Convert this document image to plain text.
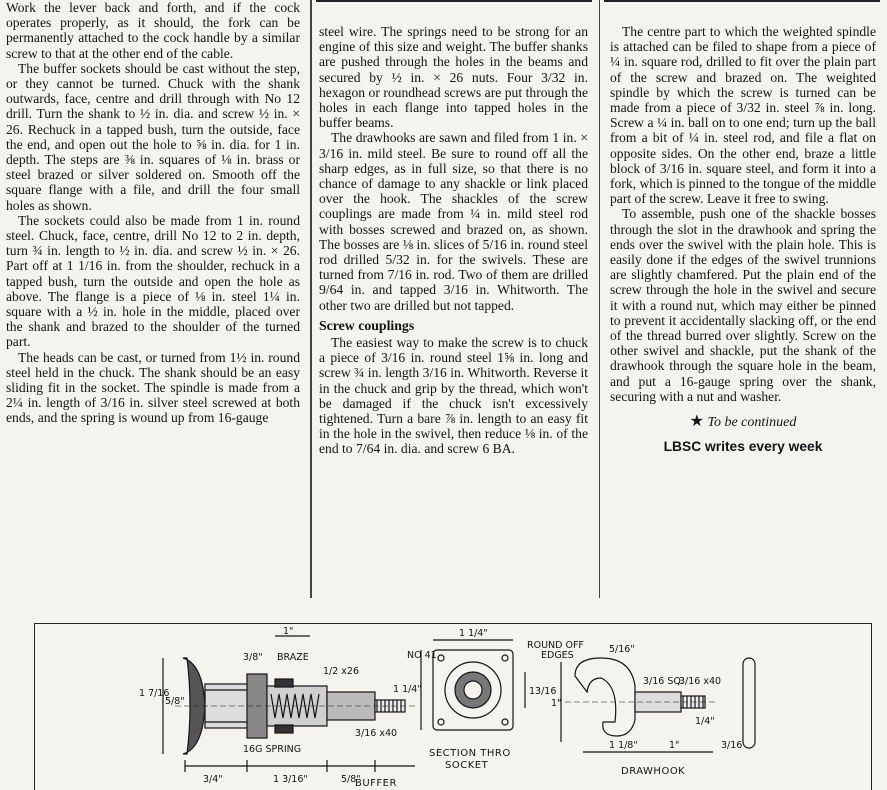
Work the lever back and forth, and if the cock operates properly, as it should, the fork can be permanently attached to the cock handle by a similar screw to that at the other end of the cable.

The buffer sockets should be cast without the step, or they cannot be turned. Chuck with the shank outwards, face, centre and drill through with No 12 drill. Turn the shank to ½ in. dia. and screw ½ in. × 26. Rechuck in a tapped bush, turn the outside, face the end, and open out the hole to ⅝ in. dia. for 1 in. depth. The steps are ⅜ in. squares of ⅛ in. brass or steel brazed or silver soldered on. Smooth off the square flange with a file, and drill the four small holes as shown.

The sockets could also be made from 1 in. round steel. Chuck, face, centre, drill No 12 to 2 in. depth, turn ¾ in. length to ½ in. dia. and screw ½ in. × 26. Part off at 1 1/16 in. from the shoulder, rechuck in a tapped bush, turn the outside and open the hole as above. The flange is a piece of ⅛ in. steel 1¼ in. square with a ½ in. hole in the middle, placed over the shank and brazed to the shoulder of the turned part.

The heads can be cast, or turned from 1½ in. round steel held in the chuck. The shank should be an easy sliding fit in the socket. The spindle is made from a 2¼ in. length of 3/16 in. silver steel screwed at both ends, and the spring is wound up from 16-gauge

steel wire. The springs need to be strong for an engine of this size and weight. The buffer shanks are pushed through the holes in the beams and secured by ½ in. × 26 nuts. Four 3/32 in. hexagon or roundhead screws are put through the holes in each flange into tapped holes in the buffer beams.

The drawhooks are sawn and filed from 1 in. × 3/16 in. mild steel. Be sure to round off all the sharp edges, as in full size, so that there is no chance of damage to any shackle or link placed over the hook. The shackles of the screw couplings are made from ¼ in. mild steel rod with bosses screwed and brazed on, as shown. The bosses are ⅛ in. slices of 5/16 in. round steel rod drilled 5/32 in. for the swivels. These are turned from 7/16 in. rod. Two of them are drilled 9/64 in. and tapped 3/16 in. Whitworth. The other two are drilled but not tapped.

Screw couplings

The easiest way to make the screw is to chuck a piece of 3/16 in. round steel 1⅝ in. long and screw ¾ in. length 3/16 in. Whitworth. Reverse it in the chuck and grip by the thread, which won't be damaged if the chuck isn't excessively tightened. Turn a bare ⅞ in. length to an easy fit in the hole in the swivel, then reduce ⅛ in. of the end to 7/64 in. dia. and screw 6 BA.

The centre part to which the weighted spindle is attached can be filed to shape from a piece of ¼ in. square rod, drilled to fit over the plain part of the screw and brazed on. The weighted spindle by which the screw is turned can be made from a piece of 3/32 in. steel ⅞ in. long. Screw a ¼ in. ball on to one end; turn up the ball from a bit of ¼ in. steel rod, and file a flat on opposite sides. On the other end, braze a little block of 3/16 in. square steel, and form it into a fork, which is pinned to the tongue of the middle part of the screw. Leave it free to swing.

To assemble, push one of the shackle bosses through the slot in the drawhook and spring the ends over the swivel with the plain hole. This is easily done if the edges of the swivel trunnions are slightly chamfered. Put the plain end of the screw through the hole in the swivel and secure it with a round nut, which may either be pinned to prevent it accidentally slacking off, or the end of the thread burred over slightly. Screw on the other swivel and shackle, put the shank of the drawhook through the square hole in the beam, and put a 16-gauge spring over the shank, securing with a nut and washer.

★ To be continued
LBSC writes every week
1"
3/8" BRAZE
1/2 x26
1 7/16
5/8"
16G SPRING
3/16 x40
3/4"	1 3/16"	5/8"
BUFFER
NO 41
1 1/4"
1 1/4"	13/16
SECTION THRO
SOCKET
ROUND OFF
EDGES
5/16"
3/16 SQ.
3/16 x40
1"
1/4"
1 1/8"	1"	3/16
DRAWHOOK
